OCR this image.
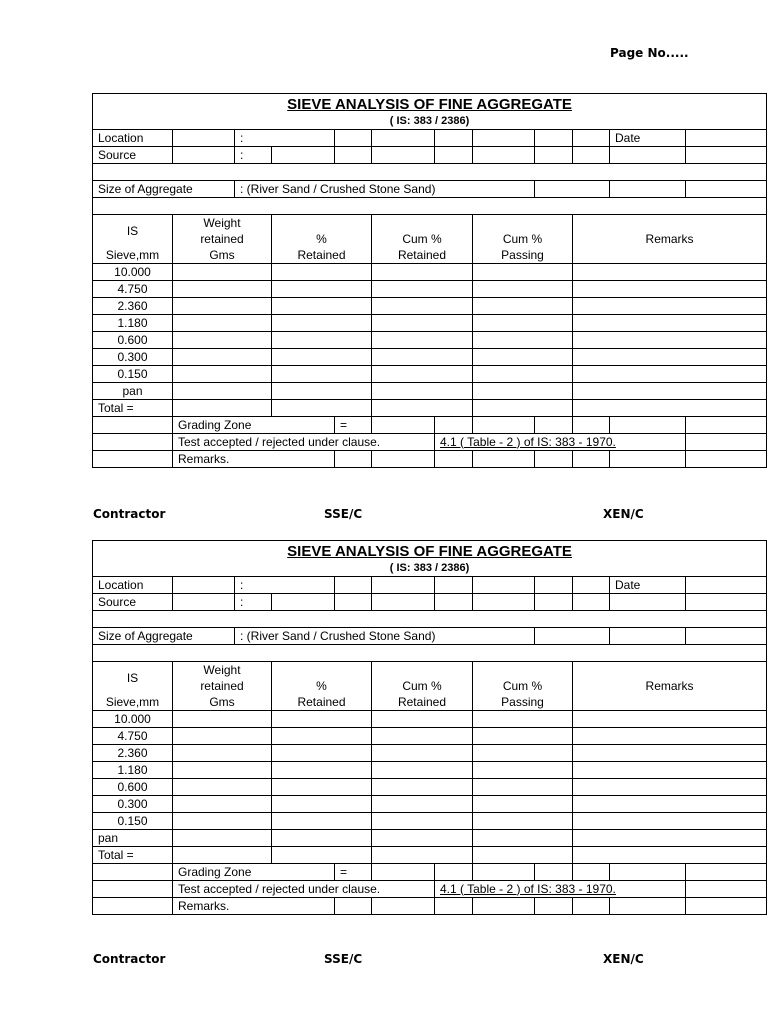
Page No.....
SIEVE ANALYSIS OF FINE AGGREGATE											
( IS: 383 / 2386)											
Location		:								Date	
Source		:									

Size of Aggregate		: (River Sand / Crushed Stone Sand)									

IS	Weight								Remarks		
	retained		%		Cum %		Cum %				
Sieve,mm	Gms		Retained		Retained		Passing				
10.000											
4.750											
2.360											
1.180											
0.600											
0.300											
0.150											
pan											
Total =											
	Grading Zone			=							
	Test accepted / rejected under clause.					4.1 ( Table - 2 ) of IS: 383 - 1970.					
	Remarks.										
Contractor	SSE/C	XEN/C
SIEVE ANALYSIS OF FINE AGGREGATE											
( IS: 383 / 2386)											
Location		:								Date	
Source		:									

Size of Aggregate		: (River Sand / Crushed Stone Sand)									

IS	Weight								Remarks		
	retained		%		Cum %		Cum %				
Sieve,mm	Gms		Retained		Retained		Passing				
10.000											
4.750											
2.360											
1.180											
0.600											
0.300											
0.150											
pan											
Total =											
	Grading Zone			=							
	Test accepted / rejected under clause.					4.1 ( Table - 2 ) of IS: 383 - 1970.					
	Remarks.										
Contractor	SSE/C	XEN/C
